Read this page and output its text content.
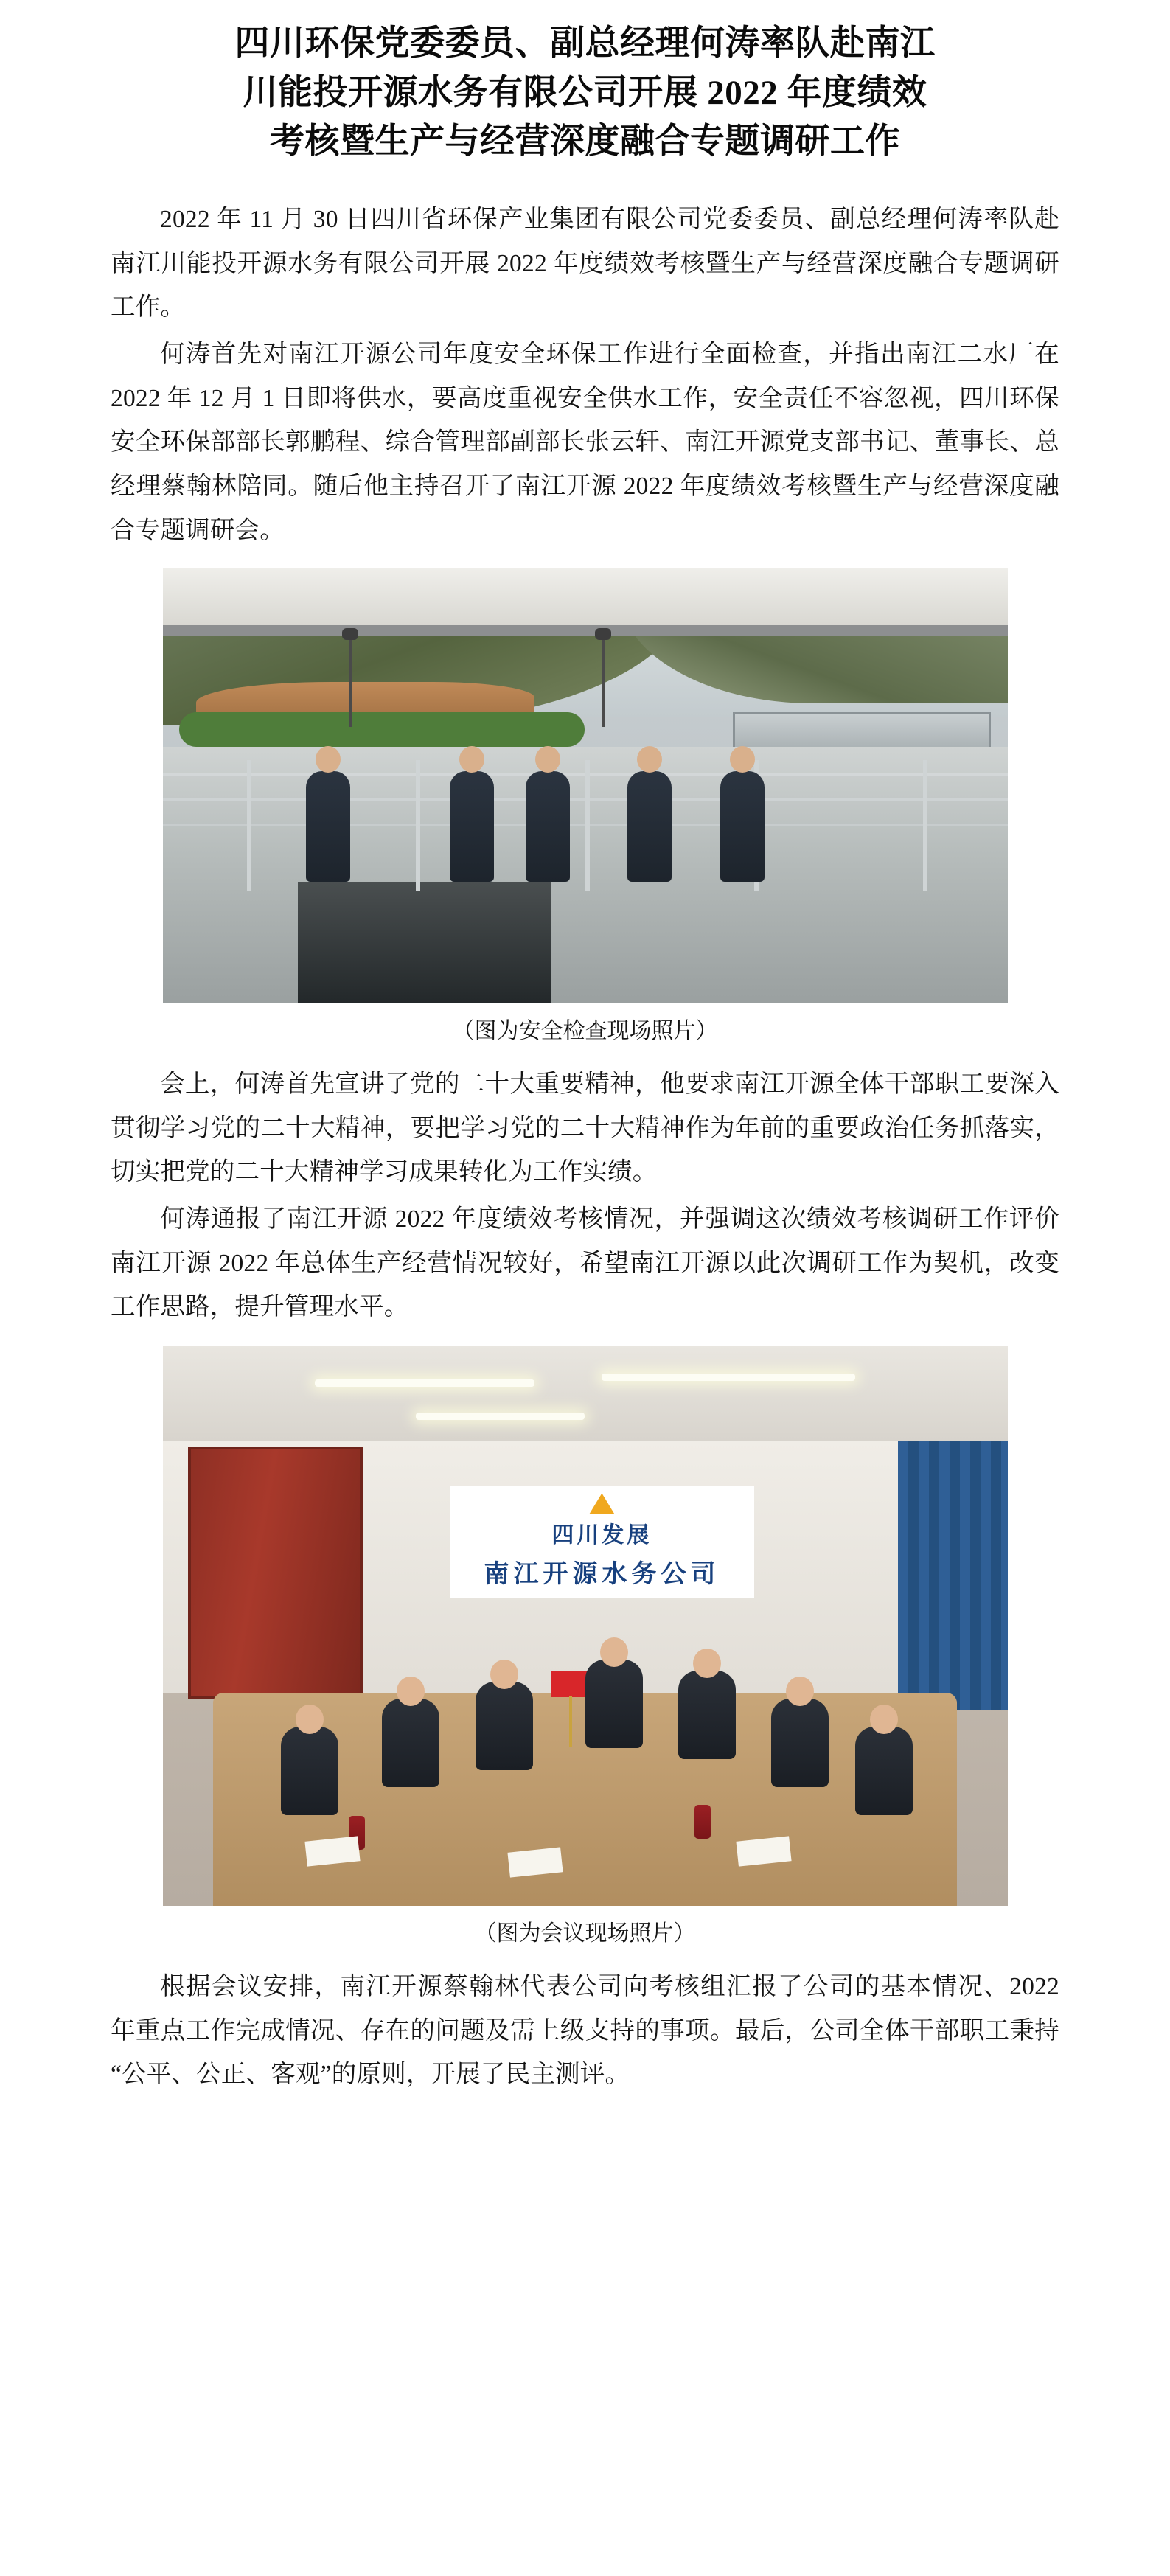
四川环保党委委员、副总经理何涛率队赴南江
川能投开源水务有限公司开展 2022 年度绩效
考核暨生产与经营深度融合专题调研工作

2022 年 11 月 30 日四川省环保产业集团有限公司党委委员、副总经理何涛率队赴南江川能投开源水务有限公司开展 2022 年度绩效考核暨生产与经营深度融合专题调研工作。

何涛首先对南江开源公司年度安全环保工作进行全面检查，并指出南江二水厂在 2022 年 12 月 1 日即将供水，要高度重视安全供水工作，安全责任不容忽视，四川环保安全环保部部长郭鹏程、综合管理部副部长张云轩、南江开源党支部书记、董事长、总经理蔡翰林陪同。随后他主持召开了南江开源 2022 年度绩效考核暨生产与经营深度融合专题调研会。

（图为安全检查现场照片）

会上，何涛首先宣讲了党的二十大重要精神，他要求南江开源全体干部职工要深入贯彻学习党的二十大精神，要把学习党的二十大精神作为年前的重要政治任务抓落实，切实把党的二十大精神学习成果转化为工作实绩。

何涛通报了南江开源 2022 年度绩效考核情况，并强调这次绩效考核调研工作评价南江开源 2022 年总体生产经营情况较好，希望南江开源以此次调研工作为契机，改变工作思路，提升管理水平。

四川发展
南江开源水务公司
（图为会议现场照片）

根据会议安排，南江开源蔡翰林代表公司向考核组汇报了公司的基本情况、2022 年重点工作完成情况、存在的问题及需上级支持的事项。最后，公司全体干部职工秉持“公平、公正、客观”的原则，开展了民主测评。
